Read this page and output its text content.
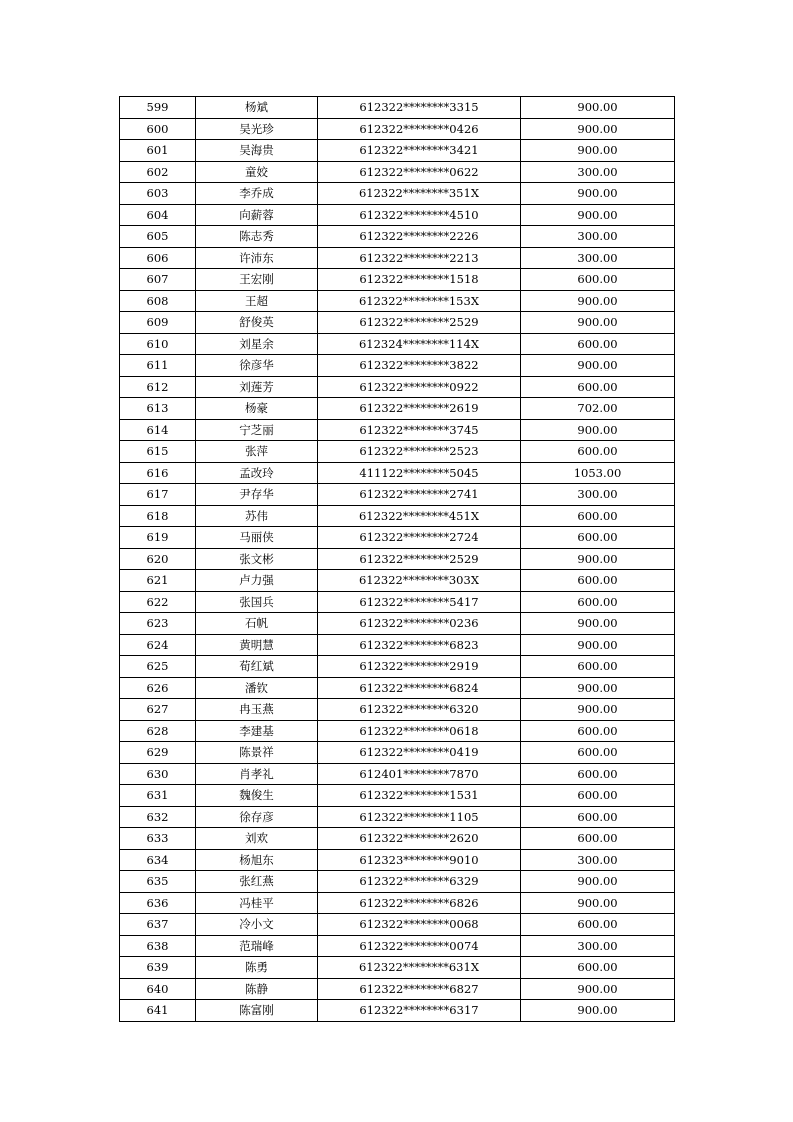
599	杨斌	612322********3315	900.00
600	吴光珍	612322********0426	900.00
601	吴海贵	612322********3421	900.00
602	童姣	612322********0622	300.00
603	李乔成	612322********351X	900.00
604	向薪蓉	612322********4510	900.00
605	陈志秀	612322********2226	300.00
606	许沛东	612322********2213	300.00
607	王宏刚	612322********1518	600.00
608	王超	612322********153X	900.00
609	舒俊英	612322********2529	900.00
610	刘星余	612324********114X	600.00
611	徐彦华	612322********3822	900.00
612	刘莲芳	612322********0922	600.00
613	杨豪	612322********2619	702.00
614	宁芝丽	612322********3745	900.00
615	张萍	612322********2523	600.00
616	孟改玲	411122********5045	1053.00
617	尹存华	612322********2741	300.00
618	苏伟	612322********451X	600.00
619	马丽侠	612322********2724	600.00
620	张文彬	612322********2529	900.00
621	卢力强	612322********303X	600.00
622	张国兵	612322********5417	600.00
623	石帆	612322********0236	900.00
624	黄明慧	612322********6823	900.00
625	荀红斌	612322********2919	600.00
626	潘钦	612322********6824	900.00
627	冉玉燕	612322********6320	900.00
628	李建基	612322********0618	600.00
629	陈景祥	612322********0419	600.00
630	肖孝礼	612401********7870	600.00
631	魏俊生	612322********1531	600.00
632	徐存彦	612322********1105	600.00
633	刘欢	612322********2620	600.00
634	杨旭东	612323********9010	300.00
635	张红燕	612322********6329	900.00
636	冯桂平	612322********6826	900.00
637	冷小文	612322********0068	600.00
638	范瑞峰	612322********0074	300.00
639	陈勇	612322********631X	600.00
640	陈静	612322********6827	900.00
641	陈富刚	612322********6317	900.00
